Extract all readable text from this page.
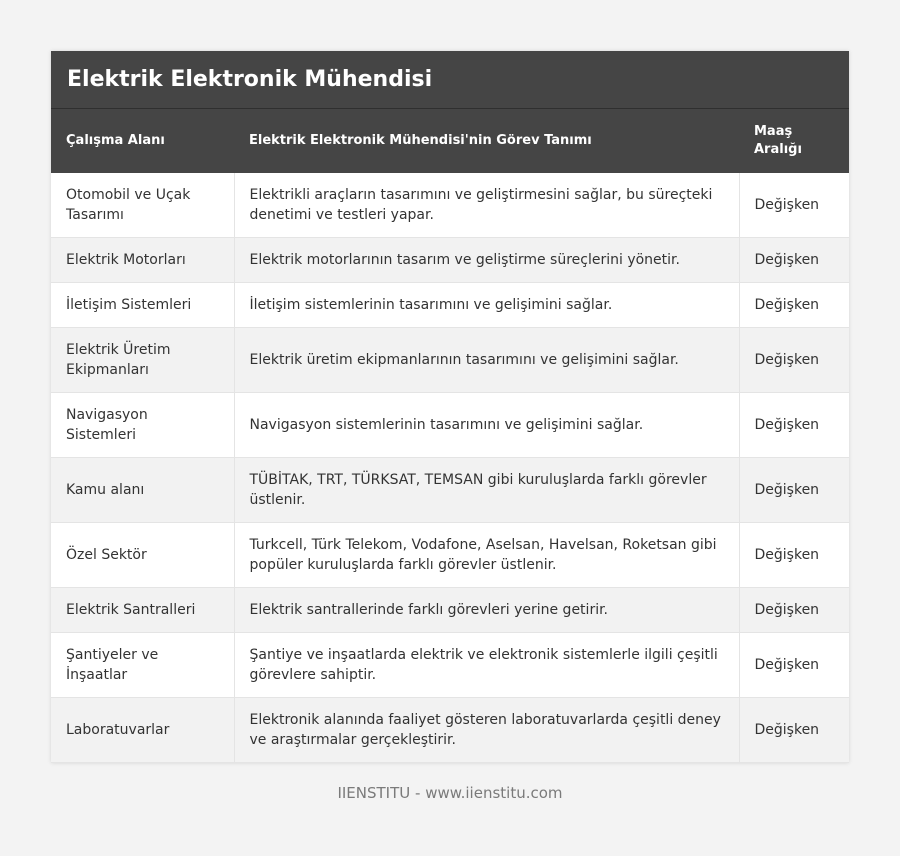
Elektrik Elektronik Mühendisi
Çalışma Alanı	Elektrik Elektronik Mühendisi'nin Görev Tanımı	Maaş Aralığı
Otomobil ve Uçak Tasarımı	Elektrikli araçların tasarımını ve geliştirmesini sağlar, bu süreçteki denetimi ve testleri yapar.	Değişken
Elektrik Motorları	Elektrik motorlarının tasarım ve geliştirme süreçlerini yönetir.	Değişken
İletişim Sistemleri	İletişim sistemlerinin tasarımını ve gelişimini sağlar.	Değişken
Elektrik Üretim Ekipmanları	Elektrik üretim ekipmanlarının tasarımını ve gelişimini sağlar.	Değişken
Navigasyon Sistemleri	Navigasyon sistemlerinin tasarımını ve gelişimini sağlar.	Değişken
Kamu alanı	TÜBİTAK, TRT, TÜRKSAT, TEMSAN gibi kuruluşlarda farklı görevler üstlenir.	Değişken
Özel Sektör	Turkcell, Türk Telekom, Vodafone, Aselsan, Havelsan, Roketsan gibi popüler kuruluşlarda farklı görevler üstlenir.	Değişken
Elektrik Santralleri	Elektrik santrallerinde farklı görevleri yerine getirir.	Değişken
Şantiyeler ve İnşaatlar	Şantiye ve inşaatlarda elektrik ve elektronik sistemlerle ilgili çeşitli görevlere sahiptir.	Değişken
Laboratuvarlar	Elektronik alanında faaliyet gösteren laboratuvarlarda çeşitli deney ve araştırmalar gerçekleştirir.	Değişken
IIENSTITU - www.iienstitu.com
